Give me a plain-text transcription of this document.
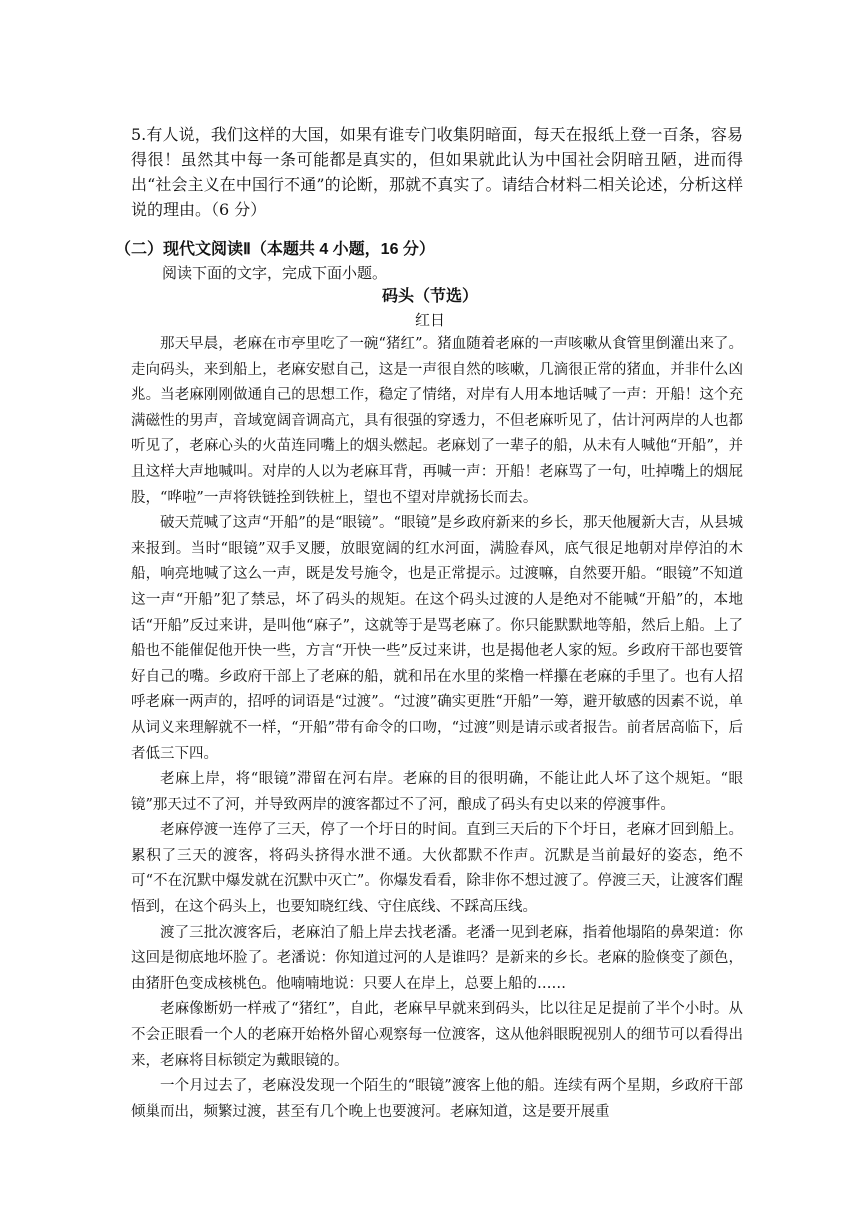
5.有人说，我们这样的大国，如果有谁专门收集阴暗面，每天在报纸上登一百条，容易得很！虽然其中每一条可能都是真实的，但如果就此认为中国社会阴暗丑陋，进而得出“社会主义在中国行不通”的论断，那就不真实了。请结合材料二相关论述，分析这样说的理由。（6 分）
（二）现代文阅读Ⅱ（本题共 4 小题，16 分）
阅读下面的文字，完成下面小题。
码头（节选）
红日

那天早晨，老麻在市亭里吃了一碗“猪红”。猪血随着老麻的一声咳嗽从食管里倒灌出来了。走向码头，来到船上，老麻安慰自己，这是一声很自然的咳嗽，几滴很正常的猪血，并非什么凶兆。当老麻刚刚做通自己的思想工作，稳定了情绪，对岸有人用本地话喊了一声：开船！这个充满磁性的男声，音域宽阔音调高亢，具有很强的穿透力，不但老麻听见了，估计河两岸的人也都听见了，老麻心头的火苗连同嘴上的烟头燃起。老麻划了一辈子的船，从未有人喊他“开船”，并且这样大声地喊叫。对岸的人以为老麻耳背，再喊一声：开船！老麻骂了一句，吐掉嘴上的烟屁股，“哗啦”一声将铁链拴到铁桩上，望也不望对岸就扬长而去。

破天荒喊了这声“开船”的是“眼镜”。“眼镜”是乡政府新来的乡长，那天他履新大吉，从县城来报到。当时“眼镜”双手叉腰，放眼宽阔的红水河面，满脸春风，底气很足地朝对岸停泊的木船，响亮地喊了这么一声，既是发号施令，也是正常提示。过渡嘛，自然要开船。“眼镜”不知道这一声“开船”犯了禁忌，坏了码头的规矩。在这个码头过渡的人是绝对不能喊“开船”的，本地话“开船”反过来讲，是叫他“麻子”，这就等于是骂老麻了。你只能默默地等船，然后上船。上了船也不能催促他开快一些，方言“开快一些”反过来讲，也是揭他老人家的短。乡政府干部也要管好自己的嘴。乡政府干部上了老麻的船，就和吊在水里的桨橹一样攥在老麻的手里了。也有人招呼老麻一两声的，招呼的词语是“过渡”。“过渡”确实更胜“开船”一筹，避开敏感的因素不说，单从词义来理解就不一样，“开船”带有命令的口吻，“过渡”则是请示或者报告。前者居高临下，后者低三下四。

老麻上岸，将“眼镜”滞留在河右岸。老麻的目的很明确，不能让此人坏了这个规矩。“眼镜”那天过不了河，并导致两岸的渡客都过不了河，酿成了码头有史以来的停渡事件。

老麻停渡一连停了三天，停了一个圩日的时间。直到三天后的下个圩日，老麻才回到船上。累积了三天的渡客，将码头挤得水泄不通。大伙都默不作声。沉默是当前最好的姿态，绝不可“不在沉默中爆发就在沉默中灭亡”。你爆发看看，除非你不想过渡了。停渡三天，让渡客们醒悟到，在这个码头上，也要知晓红线、守住底线、不踩高压线。

渡了三批次渡客后，老麻泊了船上岸去找老潘。老潘一见到老麻，指着他塌陷的鼻架道：你这回是彻底地坏脸了。老潘说：你知道过河的人是谁吗？是新来的乡长。老麻的脸倏变了颜色，由猪肝色变成核桃色。他喃喃地说：只要人在岸上，总要上船的……

老麻像断奶一样戒了“猪红”，自此，老麻早早就来到码头，比以往足足提前了半个小时。从不会正眼看一个人的老麻开始格外留心观察每一位渡客，这从他斜眼睨视别人的细节可以看得出来，老麻将目标锁定为戴眼镜的。

一个月过去了，老麻没发现一个陌生的“眼镜”渡客上他的船。连续有两个星期，乡政府干部倾巢而出，频繁过渡，甚至有几个晚上也要渡河。老麻知道，这是要开展重
